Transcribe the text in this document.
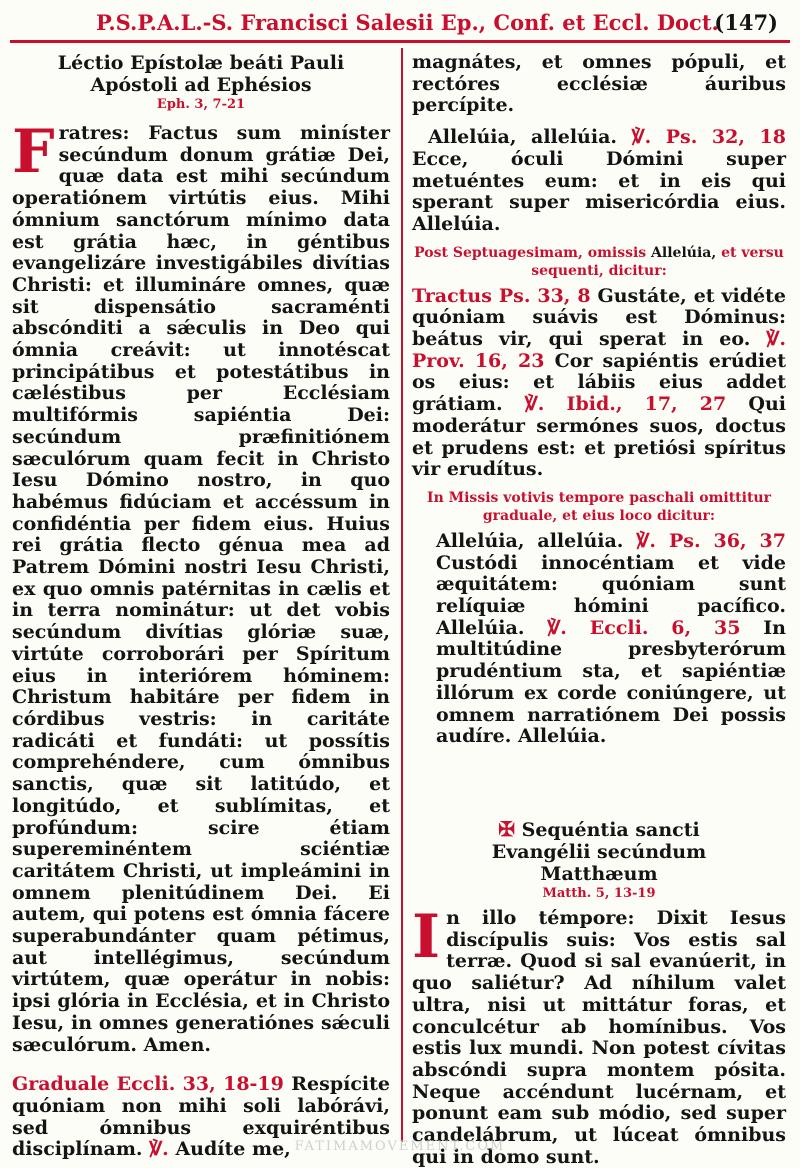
P.S.P.A.L.-S. Francisci Salesii Ep., Conf. et Eccl. Doct.
(147)
Léctio Epístolæ beáti Pauli Apóstoli ad Ephésios
Eph. 3, 7-21

Fratres: Factus sum miníster secúndum donum grátiæ Dei, quæ data est mihi secúndum operatiónem virtútis eius. Mihi ómnium sanctórum mínimo data est grátia hæc, in géntibus evangelizáre investigábiles divítias Christi: et illumináre omnes, quæ sit dispensátio sacraménti abscónditi a sǽculis in Deo qui ómnia creávit: ut innotéscat principátibus et potestátibus in cæléstibus per Ecclésiam multifórmis sapiéntia Dei: secúndum præfinitiónem sæculórum quam fecit in Christo Iesu Dómino nostro, in quo habémus fidúciam et accéssum in confidéntia per fidem eius. Huius rei grátia flecto génua mea ad Patrem Dómini nostri Iesu Christi, ex quo omnis patérnitas in cælis et in terra nominátur: ut det vobis secúndum divítias glóriæ suæ, virtúte corroborári per Spíritum eius in interiórem hóminem: Christum habitáre per fidem in córdibus vestris: in caritáte radicáti et fundáti: ut possítis comprehéndere, cum ómnibus sanctis, quæ sit latitúdo, et longitúdo, et sublímitas, et profúndum: scire étiam supereminéntem sciéntiæ caritátem Christi, ut impleámini in omnem plenitúdinem Dei. Ei autem, qui potens est ómnia fácere superabundánter quam pétimus, aut intellégimus, secúndum virtútem, quæ operátur in nobis: ipsi glória in Ecclésia, et in Christo Iesu, in omnes generatiónes sǽculi sæculórum. Amen.

Graduale Eccli. 33, 18-19 Respícite quóniam non mihi soli labórávi, sed ómnibus exquiréntibus disciplínam. ℣. Audíte me,

magnátes, et omnes pópuli, et rectóres ecclésiæ áuribus percípite.

Allelúia, allelúia. ℣. Ps. 32, 18 Ecce, óculi Dómini super metuéntes eum: et in eis qui sperant super misericórdia eius. Allelúia.

Post Septuagesimam, omissis Allelúia, et versu sequenti, dicitur:

Tractus Ps. 33, 8 Gustáte, et vidéte quóniam suávis est Dóminus: beátus vir, qui sperat in eo. ℣. Prov. 16, 23 Cor sapiéntis erúdiet os eius: et lábiis eius addet grátiam. ℣. Ibid., 17, 27 Qui moderátur sermónes suos, doctus et prudens est: et pretiósi spíritus vir erudítus.

In Missis votivis tempore paschali omittitur graduale, et eius loco dicitur:

Allelúia, allelúia. ℣. Ps. 36, 37 Custódi innocéntiam et vide æquitátem: quóniam sunt relíquiæ hómini pacífico. Allelúia. ℣. Eccli. 6, 35 In multitúdine presbyterórum prudéntium sta, et sapiéntiæ illórum ex corde coniúngere, ut omnem narratiónem Dei possis audíre. Allelúia.

✠ Sequéntia sancti Evangélii secúndum Matthæum
Matth. 5, 13-19

In illo témpore: Dixit Iesus discípulis suis: Vos estis sal terræ. Quod si sal evanúerit, in quo saliétur? Ad níhilum valet ultra, nisi ut mittátur foras, et conculcétur ab homínibus. Vos estis lux mundi. Non potest cívitas abscóndi supra montem pósita. Neque accéndunt lucérnam, et ponunt eam sub módio, sed super candelábrum, ut lúceat ómnibus qui in domo sunt.

FATIMAMOVEMENT.COM
